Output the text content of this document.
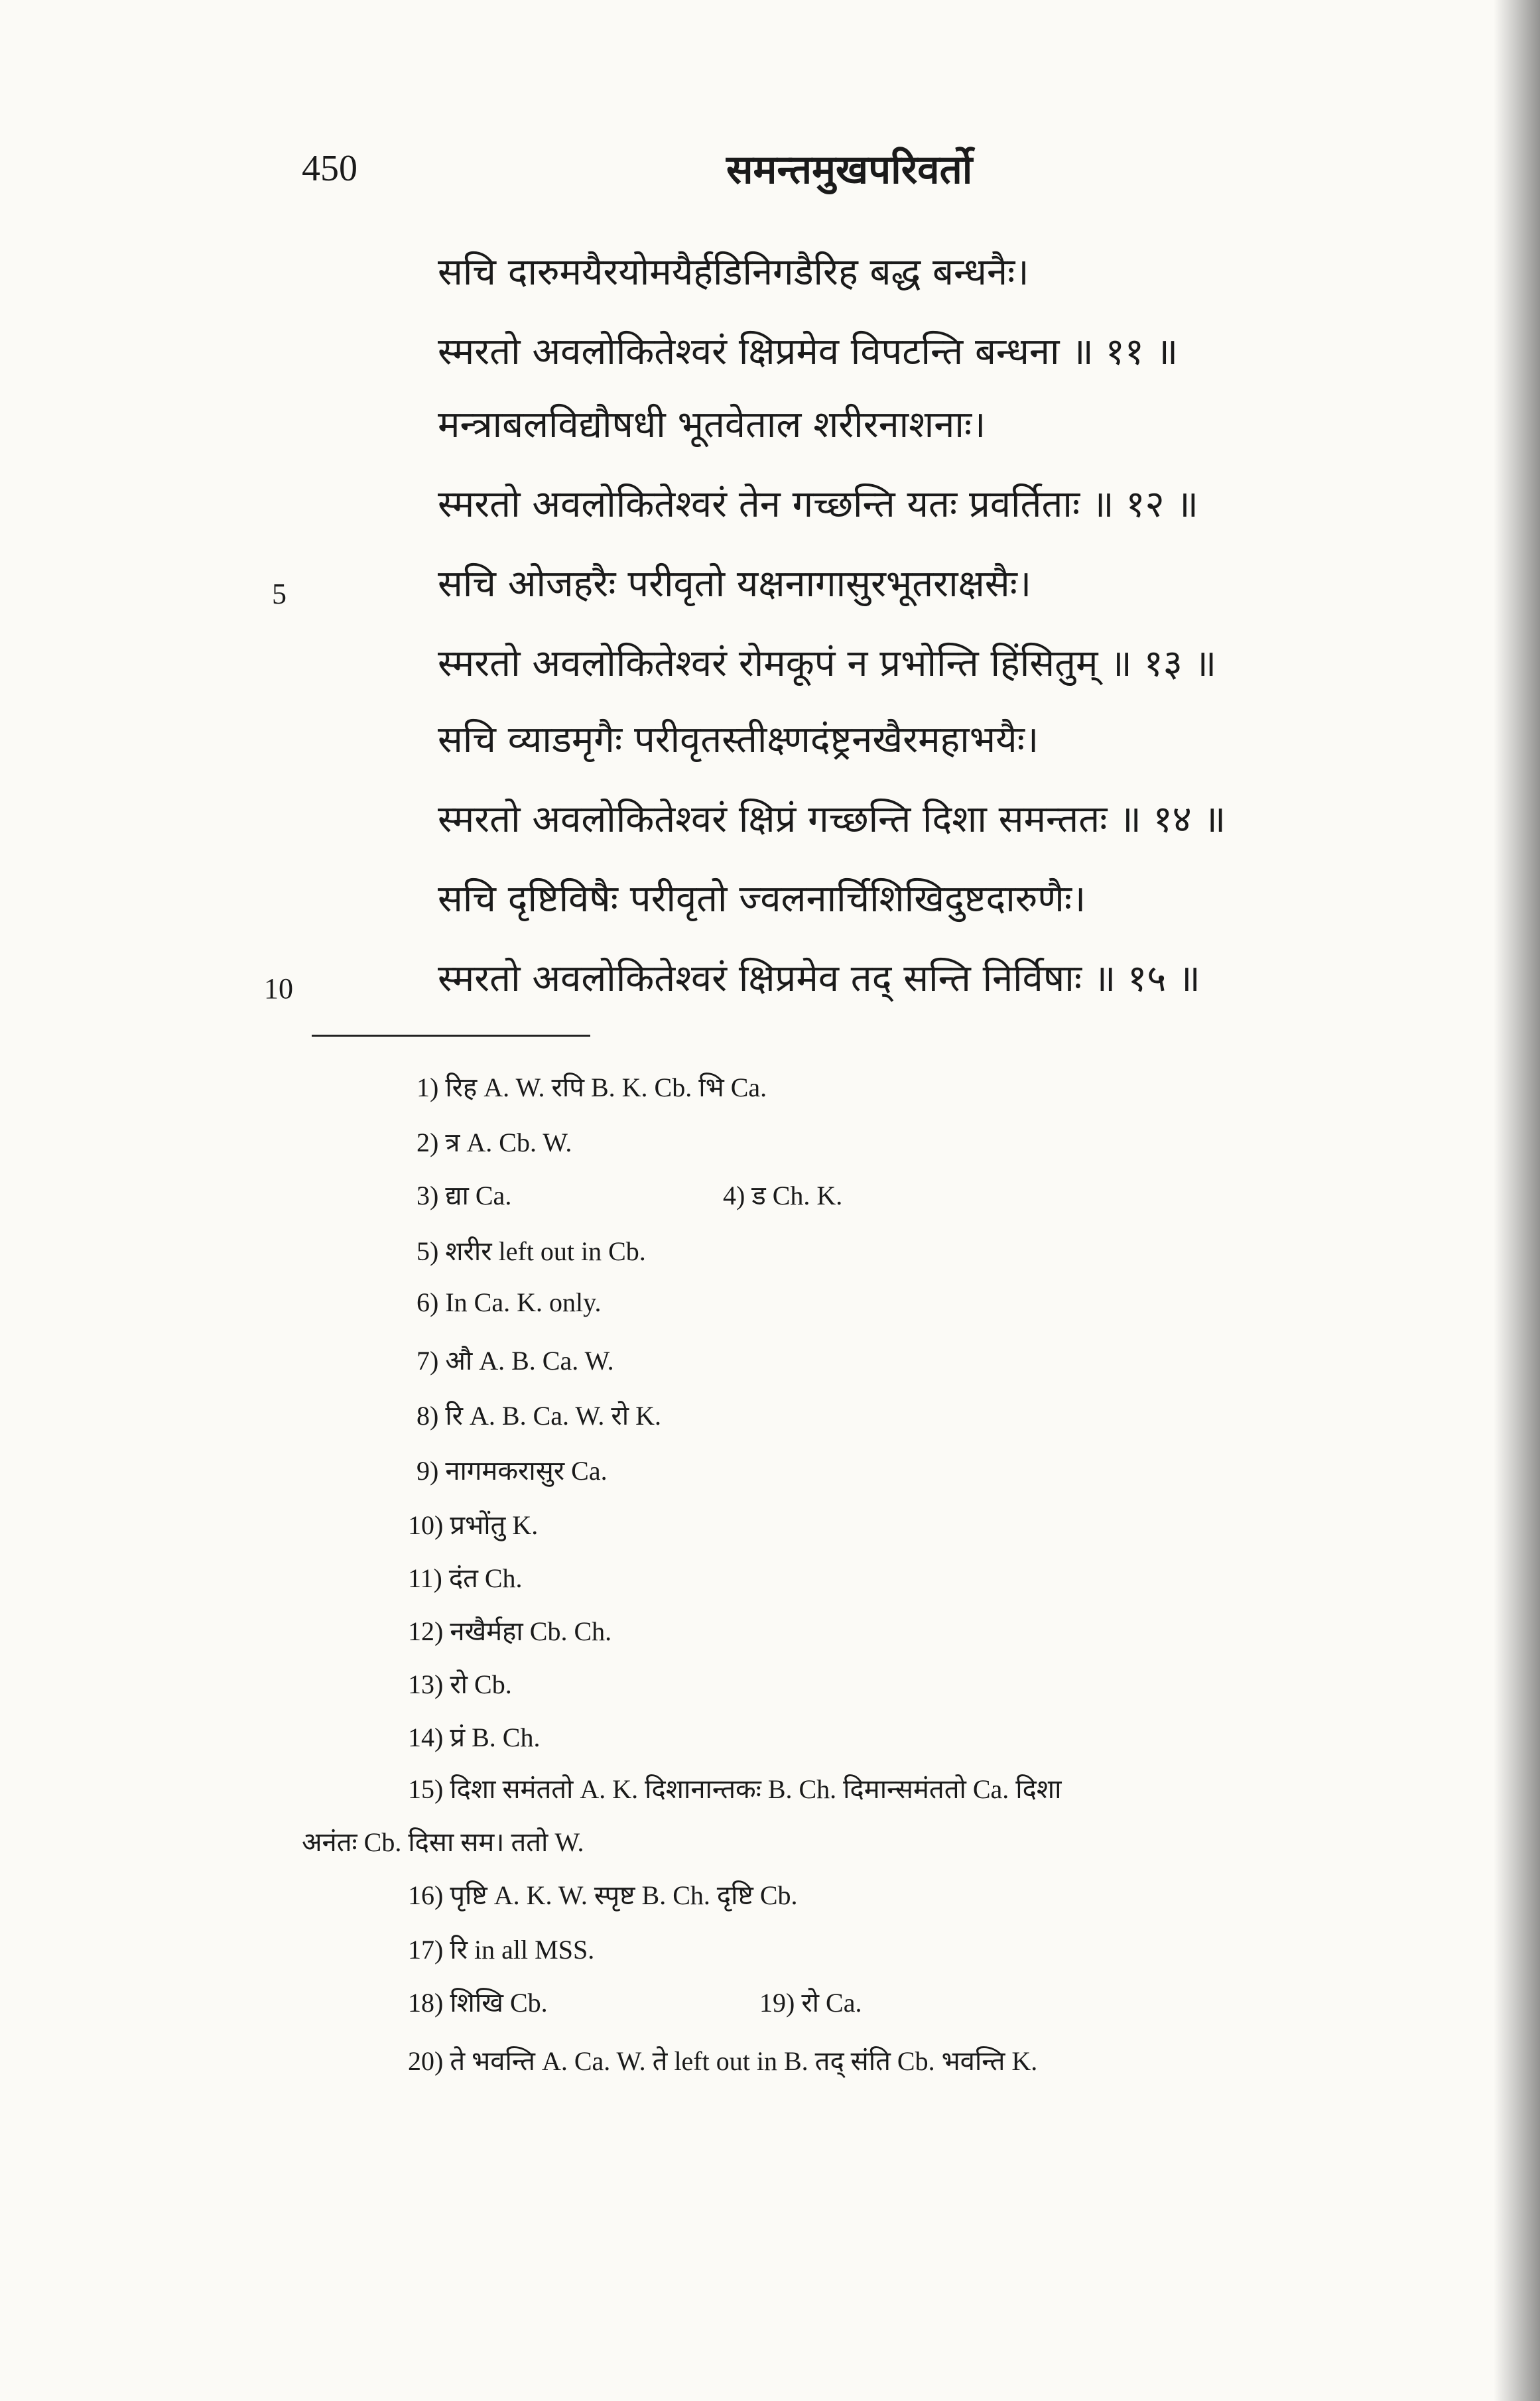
450	समन्तमुखपरिवर्तो
सचि दारुमयैरयोमयैर्हडिनिगडैरिह बद्ध बन्धनैः।
स्मरतो अवलोकितेश्वरं क्षिप्रमेव विपटन्ति बन्धना ॥ ११ ॥
मन्त्राबलविद्यौषधी भूतवेताल शरीरनाशनाः।
स्मरतो अवलोकितेश्वरं तेन गच्छन्ति यतः प्रवर्तिताः ॥ १२ ॥
सचि ओजहरैः परीवृतो यक्षनागासुरभूतराक्षसैः।
स्मरतो अवलोकितेश्वरं रोमकूपं न प्रभोन्ति हिंसितुम् ॥ १३ ॥
सचि व्याडमृगैः परीवृतस्तीक्ष्णदंष्ट्रनखैरमहाभयैः।
स्मरतो अवलोकितेश्वरं क्षिप्रं गच्छन्ति दिशा समन्ततः ॥ १४ ॥
सचि दृष्टिविषैः परीवृतो ज्वलनार्चिशिखिदुष्टदारुणैः।
स्मरतो अवलोकितेश्वरं क्षिप्रमेव तद् सन्ति निर्विषाः ॥ १५ ॥
5
10
1) रिह A. W. रपि B. K. Cb. भि Ca.
2) त्र A. Cb. W.
3) द्या Ca.	4) ड Ch. K.
5) शरीर left out in Cb.
6) In Ca. K. only.
7) औ A. B. Ca. W.
8) रि A. B. Ca. W. रो K.
9) नागमकरासुर Ca.
10) प्रभोंतु K.
11) दंत Ch.
12) नखैर्महा Cb. Ch.
13) रो Cb.
14) प्रं B. Ch.
15) दिशा समंततो A. K. दिशानान्तकः B. Ch. दिमान्समंततो Ca. दिशा
अनंतः Cb. दिसा सम। ततो W.
16) पृष्टि A. K. W. स्पृष्ट B. Ch. दृष्टि Cb.
17) रि in all MSS.
18) शिखि Cb.	19) रो Ca.
20) ते भवन्ति A. Ca. W. ते left out in B. तद् संति Cb. भवन्ति K.
